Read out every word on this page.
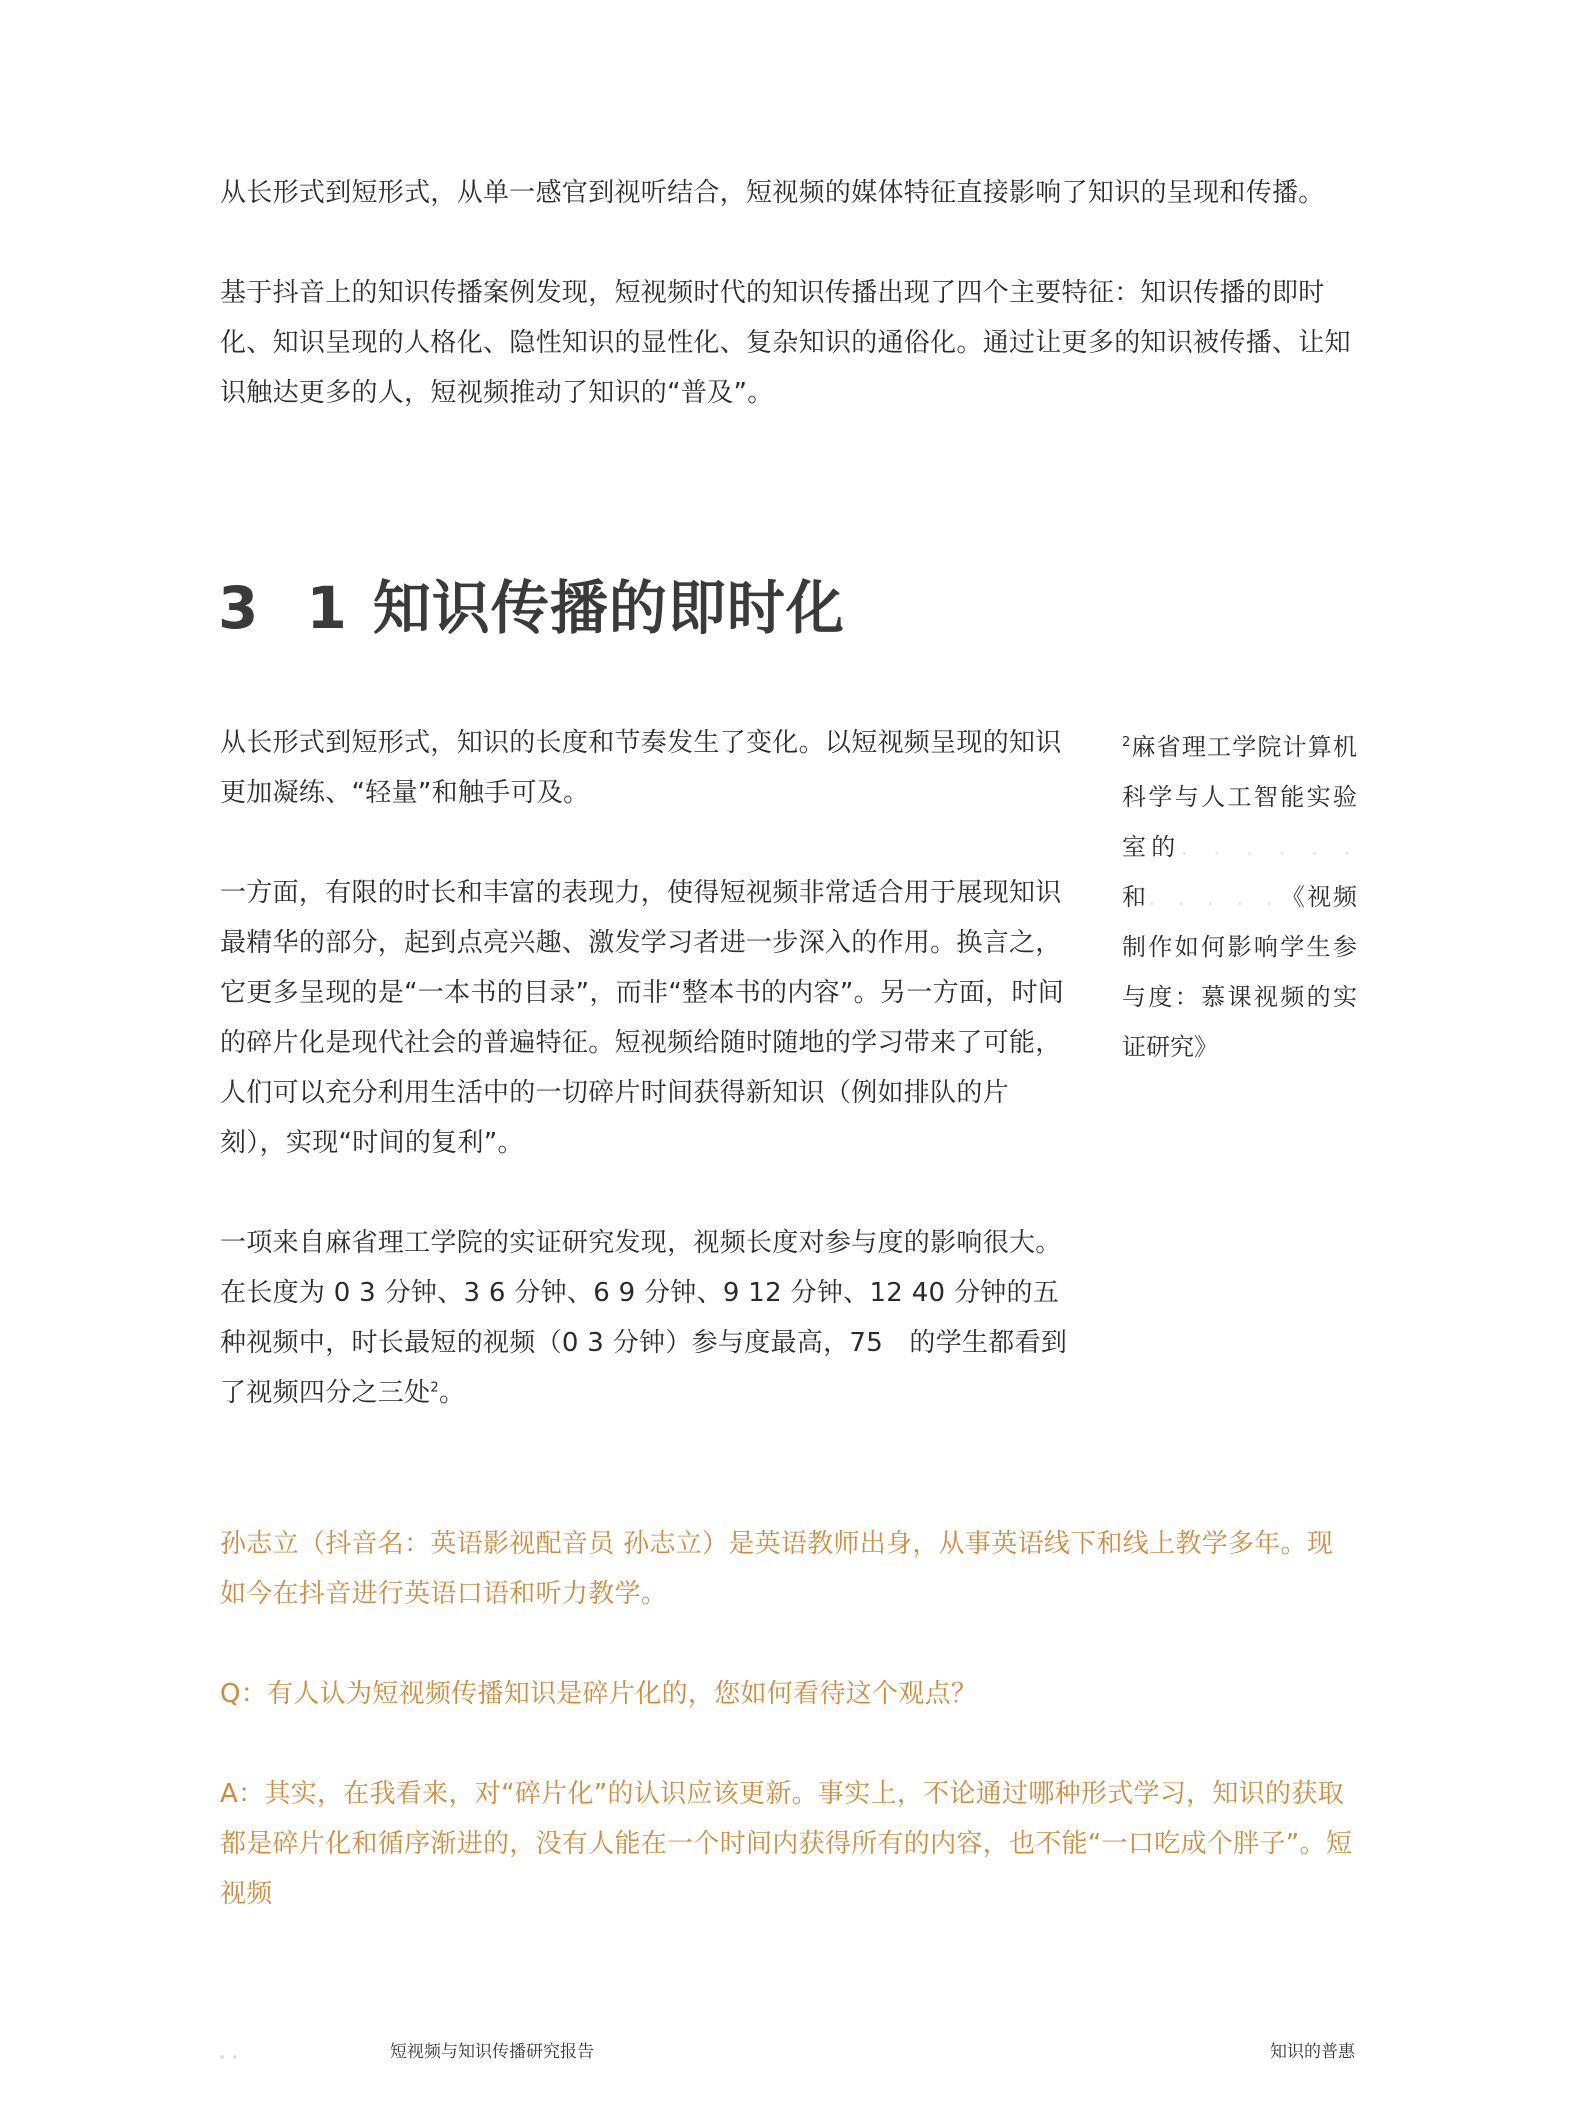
从长形式到短形式，从单一感官到视听结合，短视频的媒体特征直接影响了知识的呈现和传播。

基于抖音上的知识传播案例发现，短视频时代的知识传播出现了四个主要特征：知识传播的即时化、知识呈现的人格化、隐性知识的显性化、复杂知识的通俗化。通过让更多的知识被传播、让知识触达更多的人，短视频推动了知识的“普及”。

3 1 知识传播的即时化

从长形式到短形式，知识的长度和节奏发生了变化。以短视频呈现的知识更加凝练、“轻量”和触手可及。

一方面，有限的时长和丰富的表现力，使得短视频非常适合用于展现知识最精华的部分，起到点亮兴趣、激发学习者进一步深入的作用。换言之，它更多呈现的是“一本书的目录”，而非“整本书的内容”。另一方面，时间的碎片化是现代社会的普遍特征。短视频给随时随地的学习带来了可能，人们可以充分利用生活中的一切碎片时间获得新知识（例如排队的片刻），实现“时间的复利”。

一项来自麻省理工学院的实证研究发现，视频长度对参与度的影响很大。在长度为 0 3 分钟、3 6 分钟、6 9 分钟、9 12 分钟、12 40 分钟的五种视频中，时长最短的视频（0 3 分钟）参与度最高，75　的学生都看到了视频四分之三处$^2$。

$^2$麻省理工学院计算机科学与人工智能实验室的. . . . . .和. . . . .《视频制作如何影响学生参与度：慕课视频的实证研究》

孙志立（抖音名：英语影视配音员 孙志立）是英语教师出身，从事英语线下和线上教学多年。现如今在抖音进行英语口语和听力教学。

Q：有人认为短视频传播知识是碎片化的，您如何看待这个观点？

A：其实，在我看来，对“碎片化”的认识应该更新。事实上，不论通过哪种形式学习，知识的获取都是碎片化和循序渐进的，没有人能在一个时间内获得所有的内容，也不能“一口吃成个胖子”。短视频

• •	短视频与知识传播研究报告	知识的普惠
